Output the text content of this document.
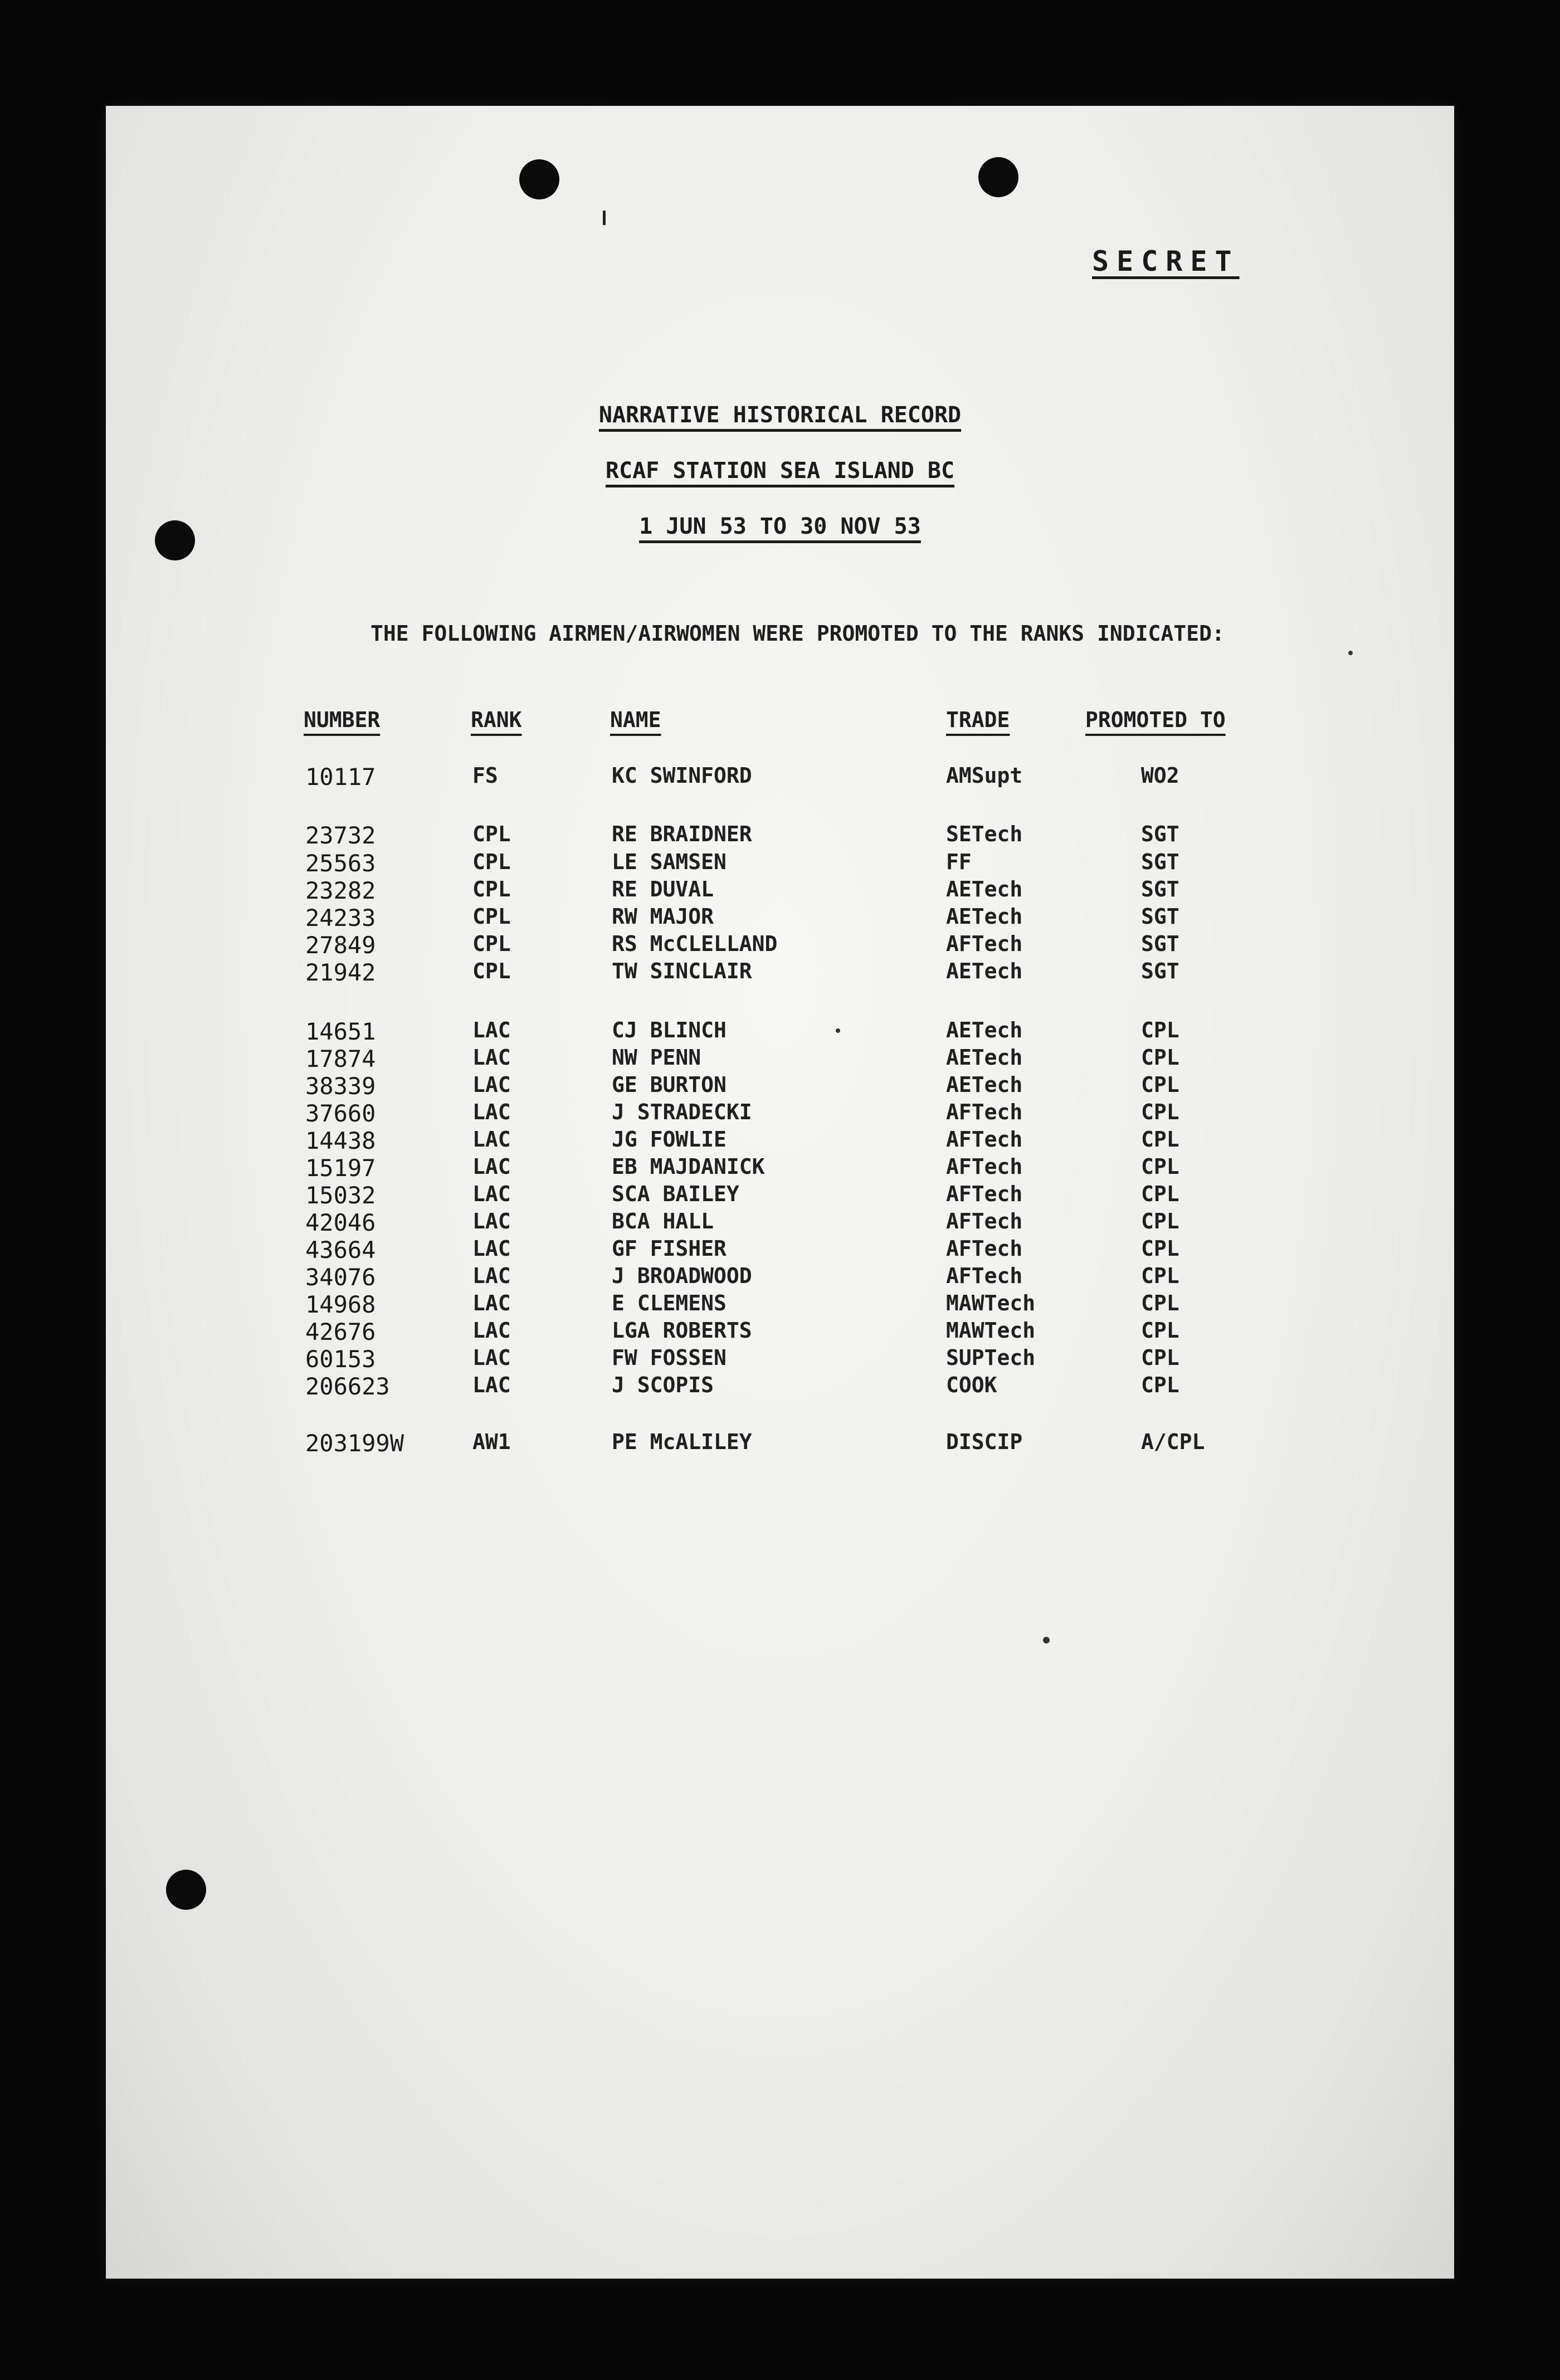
SECRET
NARRATIVE HISTORICAL RECORD
RCAF STATION SEA ISLAND BC
1 JUN 53 TO 30 NOV 53
THE FOLLOWING AIRMEN/AIRWOMEN WERE PROMOTED TO THE RANKS INDICATED:
NUMBER	RANK	NAME	TRADE	PROMOTED TO
10117	FS	KC SWINFORD	AMSupt	WO2
23732	CPL	RE BRAIDNER	SETech	SGT
25563	CPL	LE SAMSEN	FF	SGT
23282	CPL	RE DUVAL	AETech	SGT
24233	CPL	RW MAJOR	AETech	SGT
27849	CPL	RS McCLELLAND	AFTech	SGT
21942	CPL	TW SINCLAIR	AETech	SGT
14651	LAC	CJ BLINCH	AETech	CPL
17874	LAC	NW PENN	AETech	CPL
38339	LAC	GE BURTON	AETech	CPL
37660	LAC	J STRADECKI	AFTech	CPL
14438	LAC	JG FOWLIE	AFTech	CPL
15197	LAC	EB MAJDANICK	AFTech	CPL
15032	LAC	SCA BAILEY	AFTech	CPL
42046	LAC	BCA HALL	AFTech	CPL
43664	LAC	GF FISHER	AFTech	CPL
34076	LAC	J BROADWOOD	AFTech	CPL
14968	LAC	E CLEMENS	MAWTech	CPL
42676	LAC	LGA ROBERTS	MAWTech	CPL
60153	LAC	FW FOSSEN	SUPTech	CPL
206623	LAC	J SCOPIS	COOK	CPL
203199W	AW1	PE McALILEY	DISCIP	A/CPL
